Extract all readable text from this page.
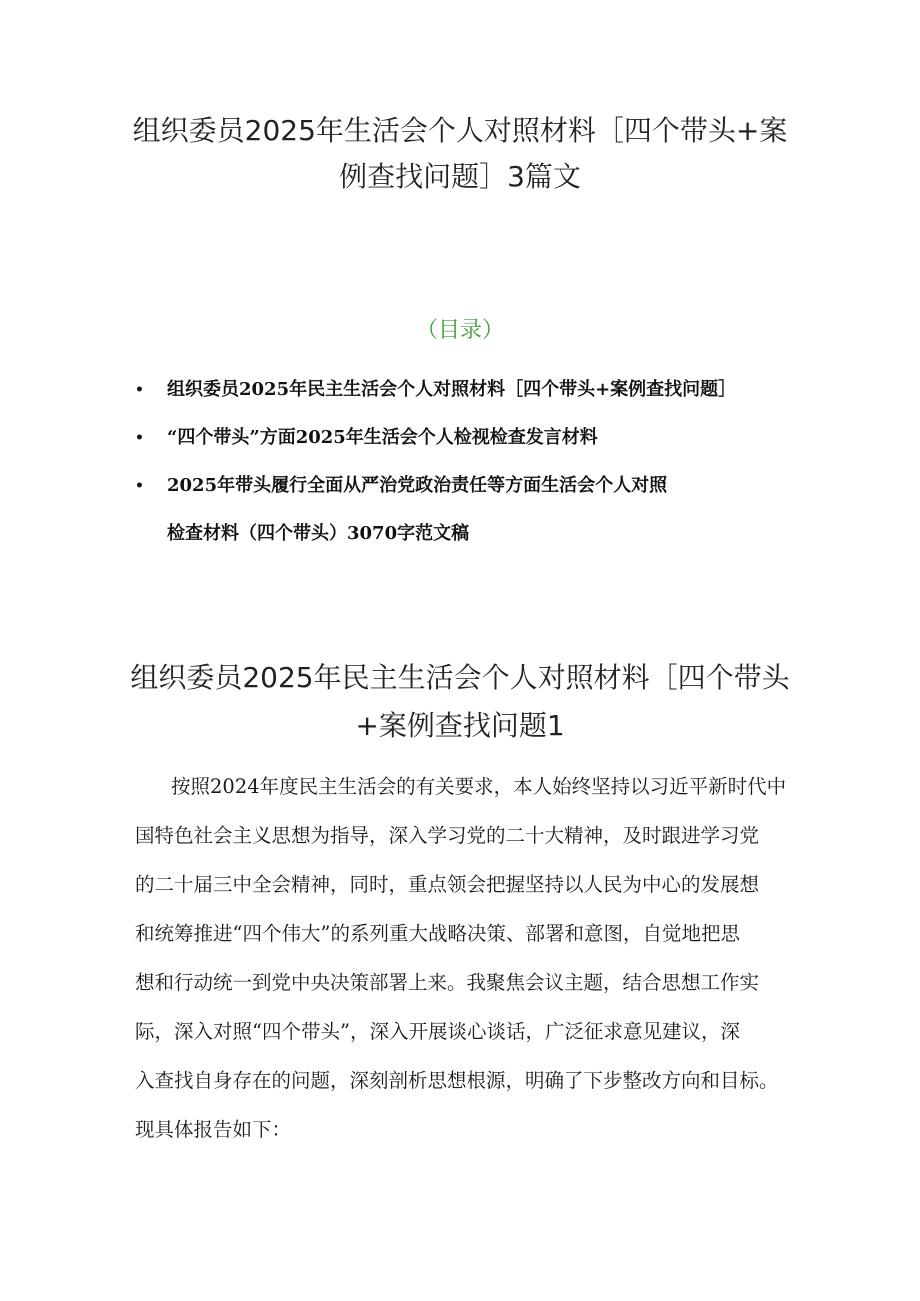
组织委员2025年生活会个人对照材料［四个带头+案
例查找问题］3篇文
（目录）
• 组织委员2025年民主生活会个人对照材料［四个带头+案例查找问题］
• “四个带头”方面2025年生活会个人检视检查发言材料
• 2025年带头履行全面从严治党政治责任等方面生活会个人对照
检查材料（四个带头）3070字范文稿
组织委员2025年民主生活会个人对照材料［四个带头
+案例查找问题1

按照2024年度民主生活会的有关要求，本人始终坚持以习近平新时代中
国特色社会主义思想为指导，深入学习党的二十大精神，及时跟进学习党
的二十届三中全会精神，同时，重点领会把握坚持以人民为中心的发展想
和统筹推进“四个伟大”的系列重大战略决策、部署和意图，自觉地把思
想和行动统一到党中央决策部署上来。我聚焦会议主题，结合思想工作实
际，深入对照“四个带头”，深入开展谈心谈话，广泛征求意见建议，深
入查找自身存在的问题，深刻剖析思想根源，明确了下步整改方向和目标。
现具体报告如下：
